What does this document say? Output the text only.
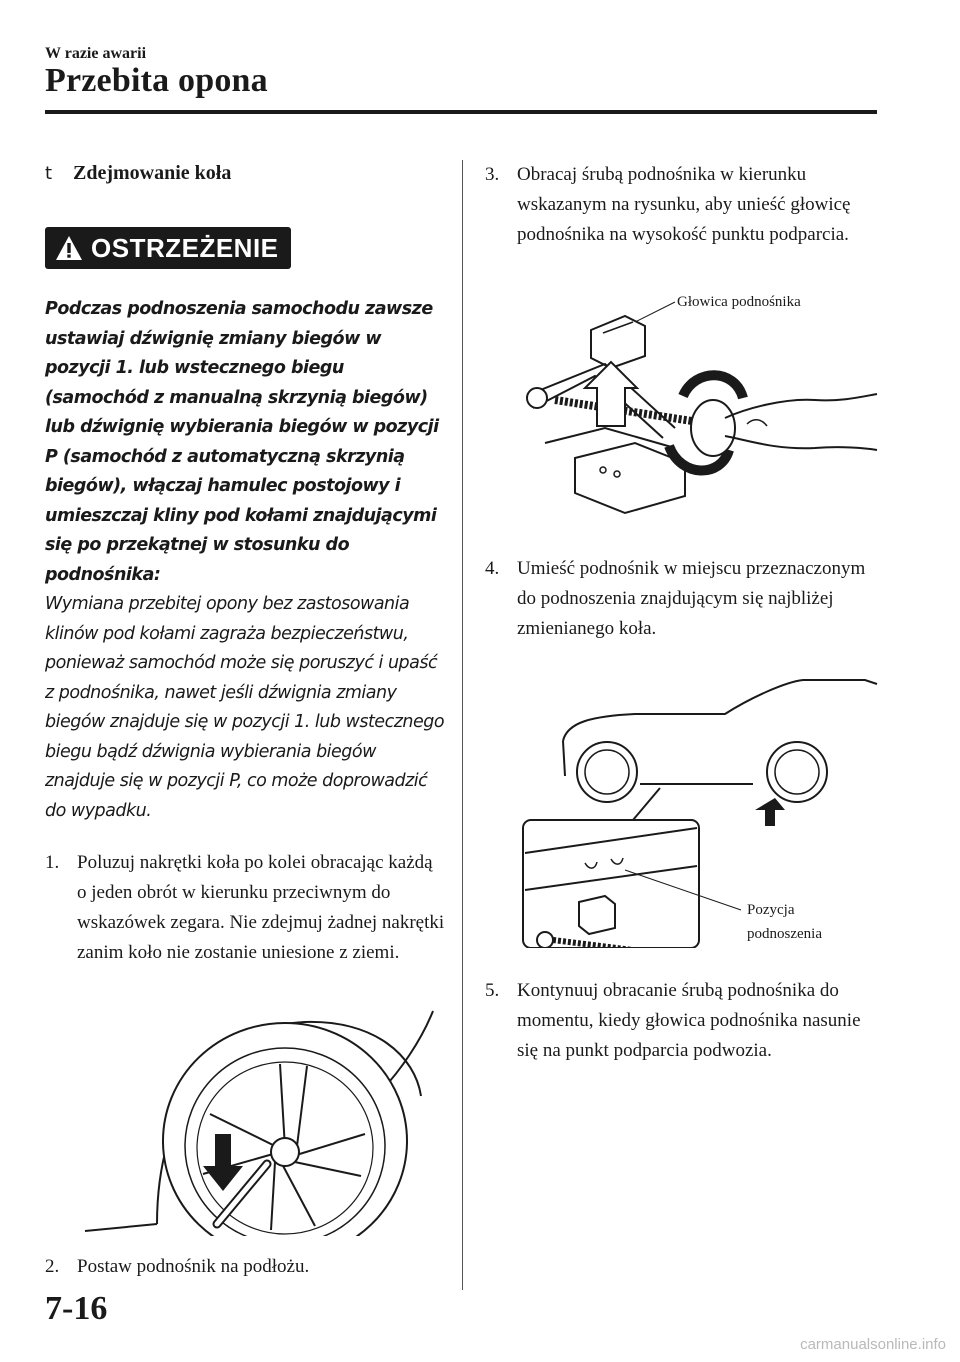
W razie awarii
Przebita opona
t	Zdejmowanie koła
OSTRZEŻENIE
Podczas podnoszenia samochodu zawsze ustawiaj dźwignię zmiany biegów w pozycji 1. lub wstecznego biegu (samochód z manualną skrzynią biegów) lub dźwignię wybierania biegów w pozycji P (samochód z automatyczną skrzynią biegów), włączaj hamulec postojowy i umieszczaj kliny pod kołami znajdującymi się po przekątnej w stosunku do podnośnika:
Wymiana przebitej opony bez zastosowania klinów pod kołami zagraża bezpieczeństwu, ponieważ samochód może się poruszyć i upaść z podnośnika, nawet jeśli dźwignia zmiany biegów znajduje się w pozycji 1. lub wstecznego biegu bądź dźwignia wybierania biegów znajduje się w pozycji P, co może doprowadzić do wypadku.
1. Poluzuj nakrętki koła po kolei obracając każdą o jeden obrót w kierunku przeciwnym do wskazówek zegara. Nie zdejmuj żadnej nakrętki zanim koło nie zostanie uniesione z ziemi.
2. Postaw podnośnik na podłożu.
3. Obracaj śrubą podnośnika w kierunku wskazanym na rysunku, aby unieść głowicę podnośnika na wysokość punktu podparcia.
Głowica podnośnika
4. Umieść podnośnik w miejscu przeznaczonym do podnoszenia znajdującym się najbliżej zmienianego koła.
Pozycja
podnoszenia
5. Kontynuuj obracanie śrubą podnośnika do momentu, kiedy głowica podnośnika nasunie się na punkt podparcia podwozia.
7-16
carmanualsonline.info
